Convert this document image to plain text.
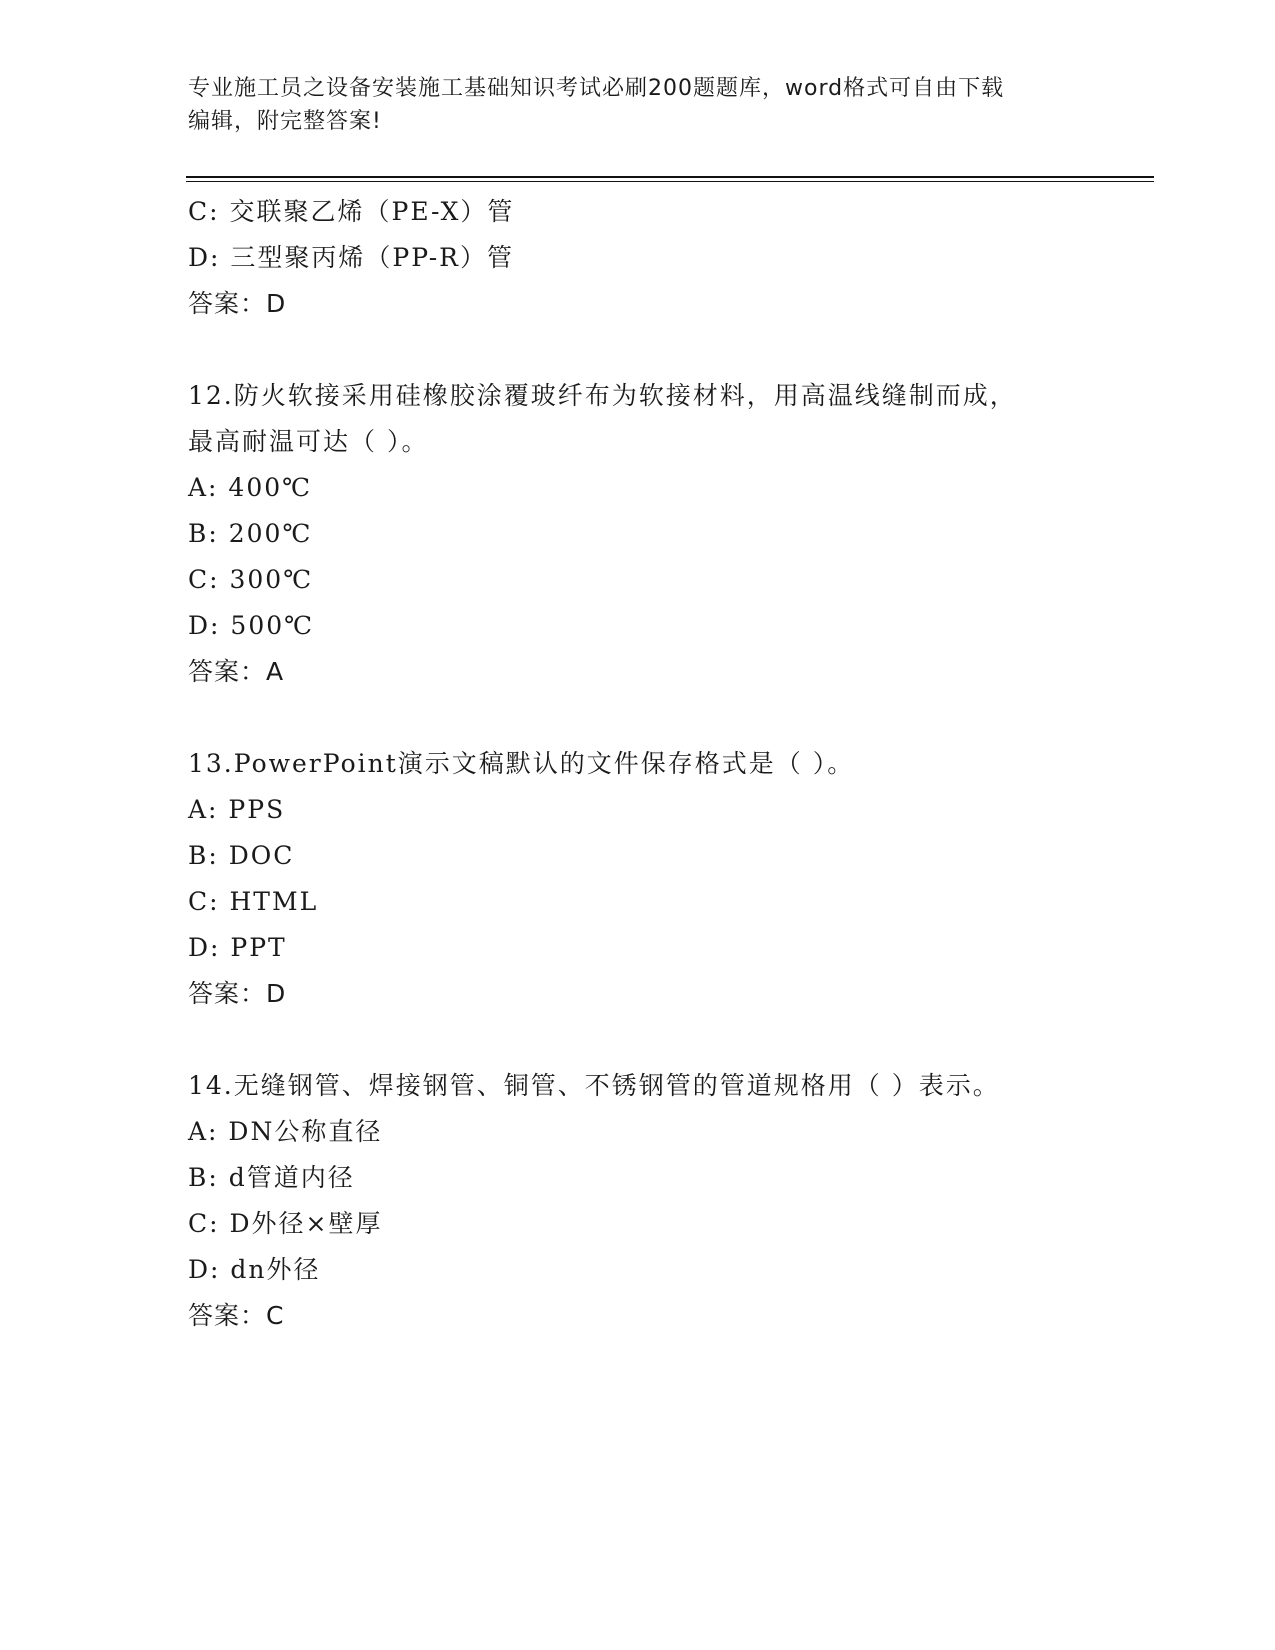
专业施工员之设备安装施工基础知识考试必刷200题题库，word格式可自由下载
编辑，附完整答案!
C: 交联聚乙烯（PE-X）管
D: 三型聚丙烯（PP-R）管
答案：D
12.防火软接采用硅橡胶涂覆玻纤布为软接材料，用高温线缝制而成，
最高耐温可达（ ）。
A: 400℃
B: 200℃
C: 300℃
D: 500℃
答案：A
13.PowerPoint演示文稿默认的文件保存格式是（ ）。
A: PPS
B: DOC
C: HTML
D: PPT
答案：D
14.无缝钢管、焊接钢管、铜管、不锈钢管的管道规格用（ ）表示。
A: DN公称直径
B: d管道内径
C: D外径×壁厚
D: dn外径
答案：C
